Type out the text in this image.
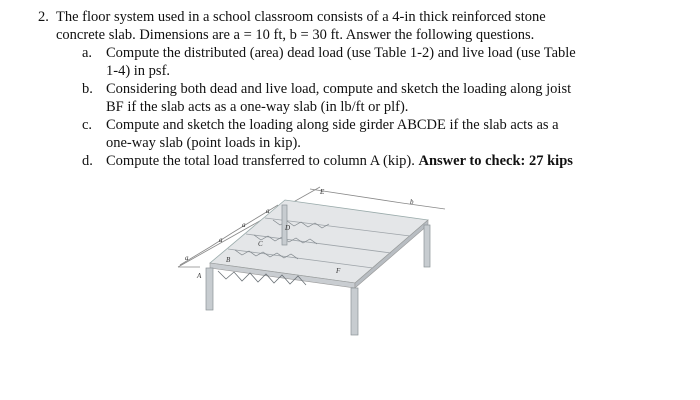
2. The floor system used in a school classroom consists of a 4-in thick reinforced stone
concrete slab. Dimensions are a = 10 ft, b = 30 ft. Answer the following questions.
a. Compute the distributed (area) dead load (use Table 1-2) and live load (use Table
1-4) in psf.
b. Considering both dead and live load, compute and sketch the loading along joist
BF if the slab acts as a one-way slab (in lb/ft or plf).
c. Compute and sketch the loading along side girder ABCDE if the slab acts as a
one-way slab (point loads in kip).
d. Compute the total load transferred to column A (kip). Answer to check: 27 kips
A
B
C
D
E
F
a
a
a
a
b
